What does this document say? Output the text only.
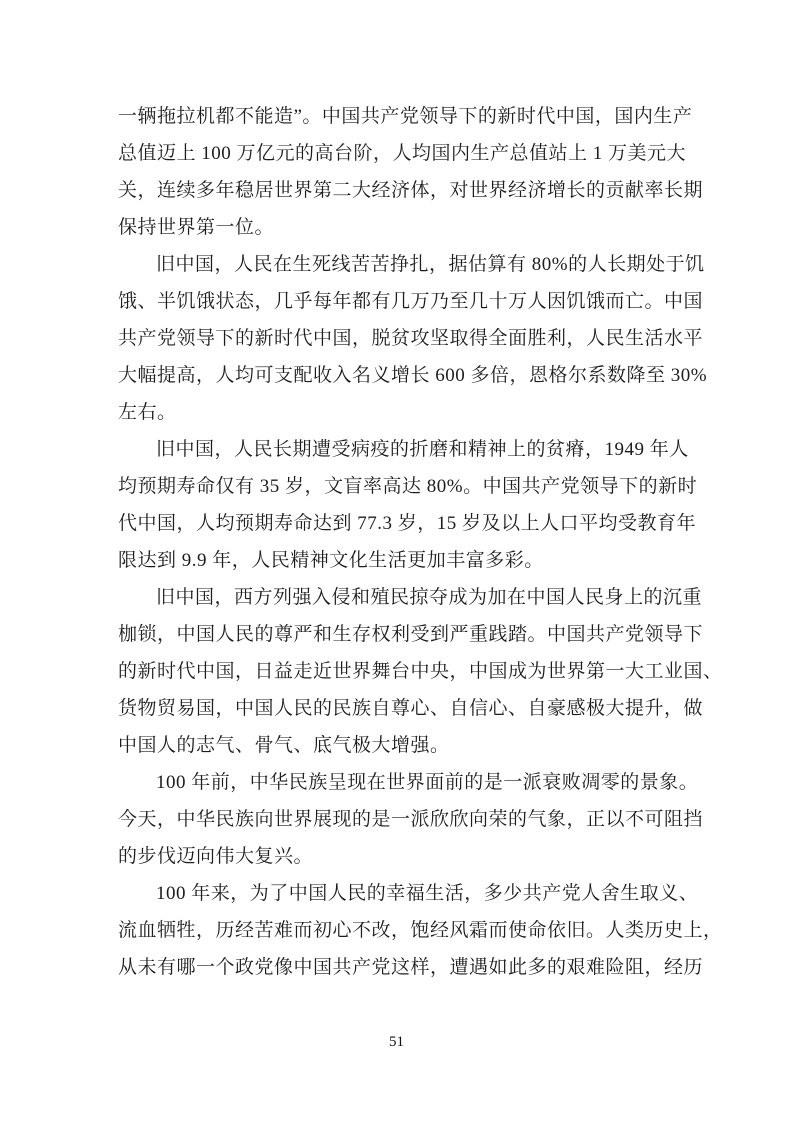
一辆拖拉机都不能造”。中国共产党领导下的新时代中国，国内生产
总值迈上 100 万亿元的高台阶，人均国内生产总值站上 1 万美元大
关，连续多年稳居世界第二大经济体，对世界经济增长的贡献率长期
保持世界第一位。
旧中国，人民在生死线苦苦挣扎，据估算有 80%的人长期处于饥
饿、半饥饿状态，几乎每年都有几万乃至几十万人因饥饿而亡。中国
共产党领导下的新时代中国，脱贫攻坚取得全面胜利，人民生活水平
大幅提高，人均可支配收入名义增长 600 多倍，恩格尔系数降至 30%
左右。
旧中国，人民长期遭受病疫的折磨和精神上的贫瘠，1949 年人
均预期寿命仅有 35 岁，文盲率高达 80%。中国共产党领导下的新时
代中国，人均预期寿命达到 77.3 岁，15 岁及以上人口平均受教育年
限达到 9.9 年，人民精神文化生活更加丰富多彩。
旧中国，西方列强入侵和殖民掠夺成为加在中国人民身上的沉重
枷锁，中国人民的尊严和生存权利受到严重践踏。中国共产党领导下
的新时代中国，日益走近世界舞台中央，中国成为世界第一大工业国、
货物贸易国，中国人民的民族自尊心、自信心、自豪感极大提升，做
中国人的志气、骨气、底气极大增强。
100 年前，中华民族呈现在世界面前的是一派衰败凋零的景象。
今天，中华民族向世界展现的是一派欣欣向荣的气象，正以不可阻挡
的步伐迈向伟大复兴。
100 年来，为了中国人民的幸福生活，多少共产党人舍生取义、
流血牺牲，历经苦难而初心不改，饱经风霜而使命依旧。人类历史上，
从未有哪一个政党像中国共产党这样，遭遇如此多的艰难险阻，经历
51
